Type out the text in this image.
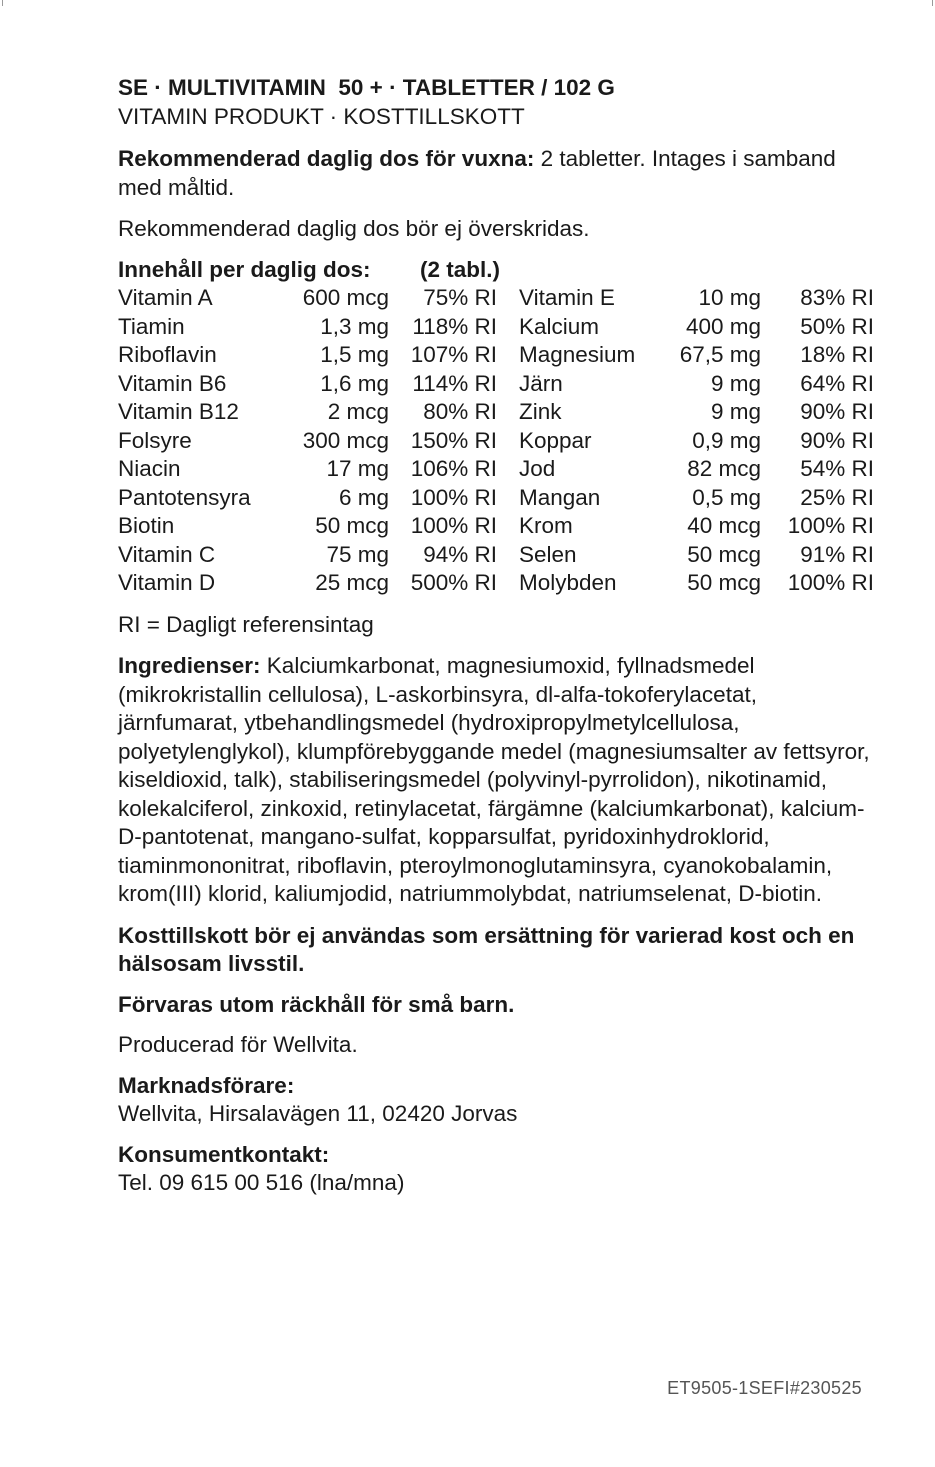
SE · MULTIVITAMIN  50 + · TABLETTER / 102 G

VITAMIN PRODUKT · KOSTTILLSKOTT

Rekommenderad daglig dos för vuxna: 2 tabletter. Intages i samband med måltid.

Rekommenderad daglig dos bör ej överskridas.

Innehåll per daglig dos:		(2 tabl.)				
Vitamin A	600 mcg	75% RI		Vitamin E	10 mg	83% RI
Tiamin	1,3 mg	118% RI		Kalcium	400 mg	50% RI
Riboflavin	1,5 mg	107% RI		Magnesium	67,5 mg	18% RI
Vitamin B6	1,6 mg	114% RI		Järn	9 mg	64% RI
Vitamin B12	2 mcg	80% RI		Zink	9 mg	90% RI
Folsyre	300 mcg	150% RI		Koppar	0,9 mg	90% RI
Niacin	17 mg	106% RI		Jod	82 mcg	54% RI
Pantotensyra	6 mg	100% RI		Mangan	0,5 mg	25% RI
Biotin	50 mcg	100% RI		Krom	40 mcg	100% RI
Vitamin C	75 mg	94% RI		Selen	50 mcg	91% RI
Vitamin D	25 mcg	500% RI		Molybden	50 mcg	100% RI

RI = Dagligt referensintag

Ingredienser: Kalciumkarbonat, magnesiumoxid, fyllnadsmedel (mikrokristallin cellulosa), L-askorbinsyra, dl-alfa-tokoferylacetat, järnfumarat, ytbehandlingsmedel (hydroxipropylmetylcellulosa, polyetylenglykol), klumpförebyggande medel (magnesiumsalter av fettsyror, kiseldioxid, talk), stabiliseringsmedel (polyvinyl-pyrrolidon), nikotinamid, kolekalciferol, zinkoxid, retinylacetat, färgämne (kalciumkarbonat), kalcium-D-pantotenat, mangano-sulfat, kopparsulfat, pyridoxinhydroklorid, tiaminmononitrat, riboflavin, pteroylmonoglutaminsyra, cyanokobalamin, krom(III) klorid, kaliumjodid, natriummolybdat, natriumselenat, D-biotin.

Kosttillskott bör ej användas som ersättning för varierad kost och en hälsosam livsstil.

Förvaras utom räckhåll för små barn.

Producerad för Wellvita.

Marknadsförare:

Wellvita, Hirsalavägen 11, 02420 Jorvas

Konsumentkontakt:

Tel. 09 615 00 516 (lna/mna)

ET9505-1SEFI#230525
